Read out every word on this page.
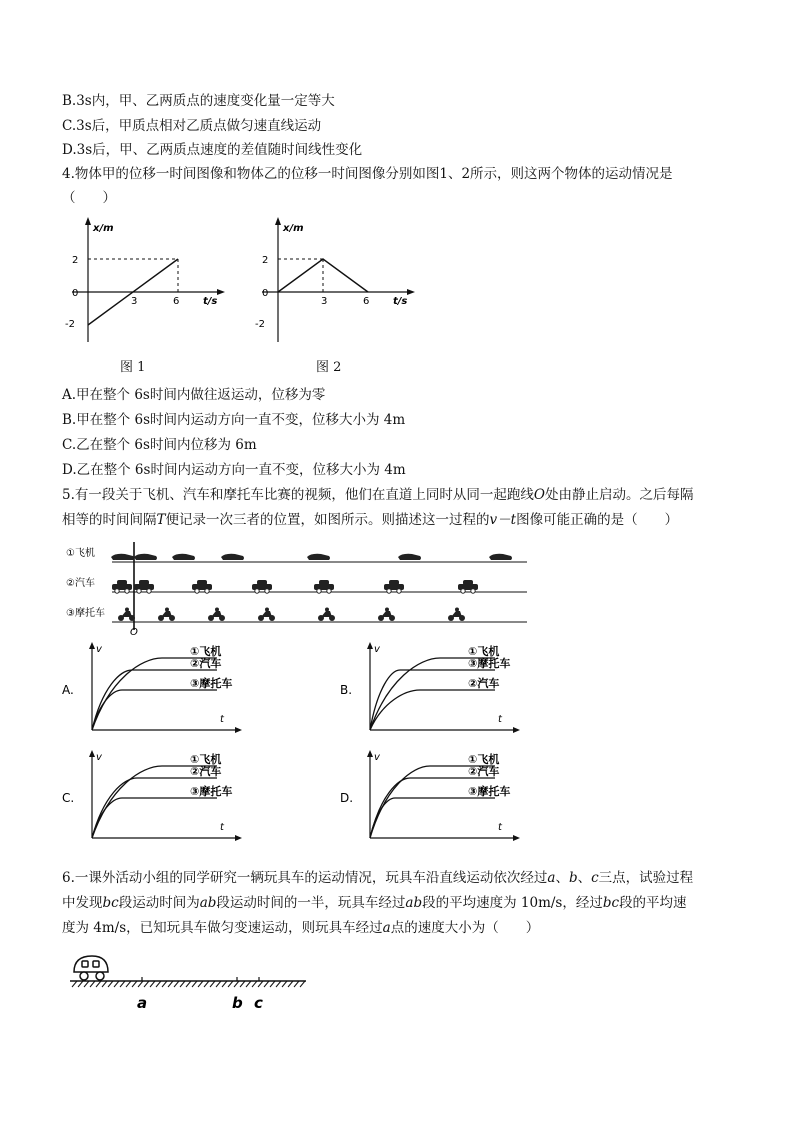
B.3s内，甲、乙两质点的速度变化量一定等大
C.3s后，甲质点相对乙质点做匀速直线运动
D.3s后，甲、乙两质点速度的差值随时间线性变化
4.物体甲的位移一时间图像和物体乙的位移一时间图像分别如图1、2所示，则这两个物体的运动情况是
（　　）
x/m
t/s
2
0
-2
3	6
图 1
x/m
t/s
2
0
-2
3	6
图 2
A.甲在整个 6s时间内做往返运动，位移为零
B.甲在整个 6s时间内运动方向一直不变，位移大小为 4m
C.乙在整个 6s时间内位移为 6m
D.乙在整个 6s时间内运动方向一直不变，位移大小为 4m
5.有一段关于飞机、汽车和摩托车比赛的视频，他们在直道上同时从同一起跑线O处由静止启动。之后每隔
相等的时间间隔T便记录一次三者的位置，如图所示。则描述这一过程的v－t图像可能正确的是（　　）
①飞机
②汽车
③摩托车
O
A.
v
t
①飞机
②汽车
③摩托车	B.
v
t
①飞机
③摩托车
②汽车
C.
v
t
①飞机
②汽车
③摩托车	D.
v
t
①飞机
②汽车
③摩托车
6.一课外活动小组的同学研究一辆玩具车的运动情况，玩具车沿直线运动依次经过a、b、c三点，试验过程
中发现bc段运动时间为ab段运动时间的一半，玩具车经过ab段的平均速度为 10m/s，经过bc段的平均速
度为 4m/s，已知玩具车做匀变速运动，则玩具车经过a点的速度大小为（　　）
a	b c
